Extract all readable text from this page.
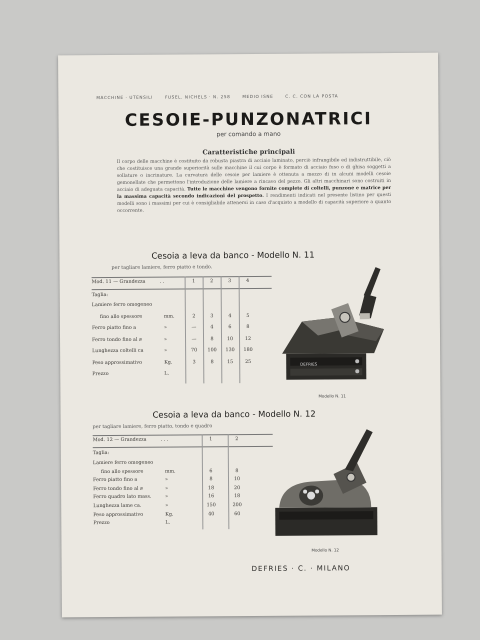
MACCHINE · UTENSILI	FUSEL. NICHELS · N. 258	MEDIO ISNE	C. C. CON LA POSTA
CESOIE-PUNZONATRICI
per comando a mano
Caratteristiche principali
Il corpo delle macchine è costituito da robusta piastra di acciaio laminato, perciò infrangibile ed indistruttibile, ciò che costituisce una grande superiorità sulle macchine il cui corpo è formato di acciaio fuso o di ghisa soggetti a sollature o incrinature. La curvatura delle cesoie per lamiere è ottenuta a mezzo di in alcuni modelli cesoie gemonellate che permettono l'introduzione delle lamiere a rincavo del pezzo. Gli altri macchinari sono costruiti in acciaio di adeguata capacità. Tutte le macchine vengono fornite complete di coltelli, punzone e matrice per la massima capacità secondo indicazioni del prospetto. I rendimenti indicati nel presente listino per questi modelli sono i massimi per cui è consigliabile attenersi in caso d'acquisto a modello di capacità superiore a quanto occorrente.
Cesoia a leva da banco - Modello N. 11
per tagliare lamiere, ferro piatto e tondo.
Mod. 11 — Grandezza	. .	1	2	3	4
Taglia:
Lamiere ferro omogeneo
fino allo spessore	mm.	2	3	4	5
Ferro piatto fino a	»	—	4	6	8
Ferro tondo fino al ⌀	»	—	8	10	12
Lunghezza coltelli ca	»	70	100	130	180
Peso approssimativo	Kg.	3	8	15	25
Prezzo	L.
DEFRIES
Modello N. 11
Cesoia a leva da banco - Modello N. 12
per tagliare lamiere, ferro piatto, tondo e quadro
Mod. 12 — Grandezza	. . .	1	2
Taglia:
Lamiere ferro omogeneo
fino allo spessore	mm.	6	8
Ferro piatto fino a	»	8	10
Ferro tondo fino al ⌀	»	18	20
Ferro quadro lato mass.	»	16	18
Lunghezza lame ca.	»	150	200
Peso approssimativo	Kg.	40	60
Prezzo	L.
Modello N. 12
DEFRIES · C. · MILANO
